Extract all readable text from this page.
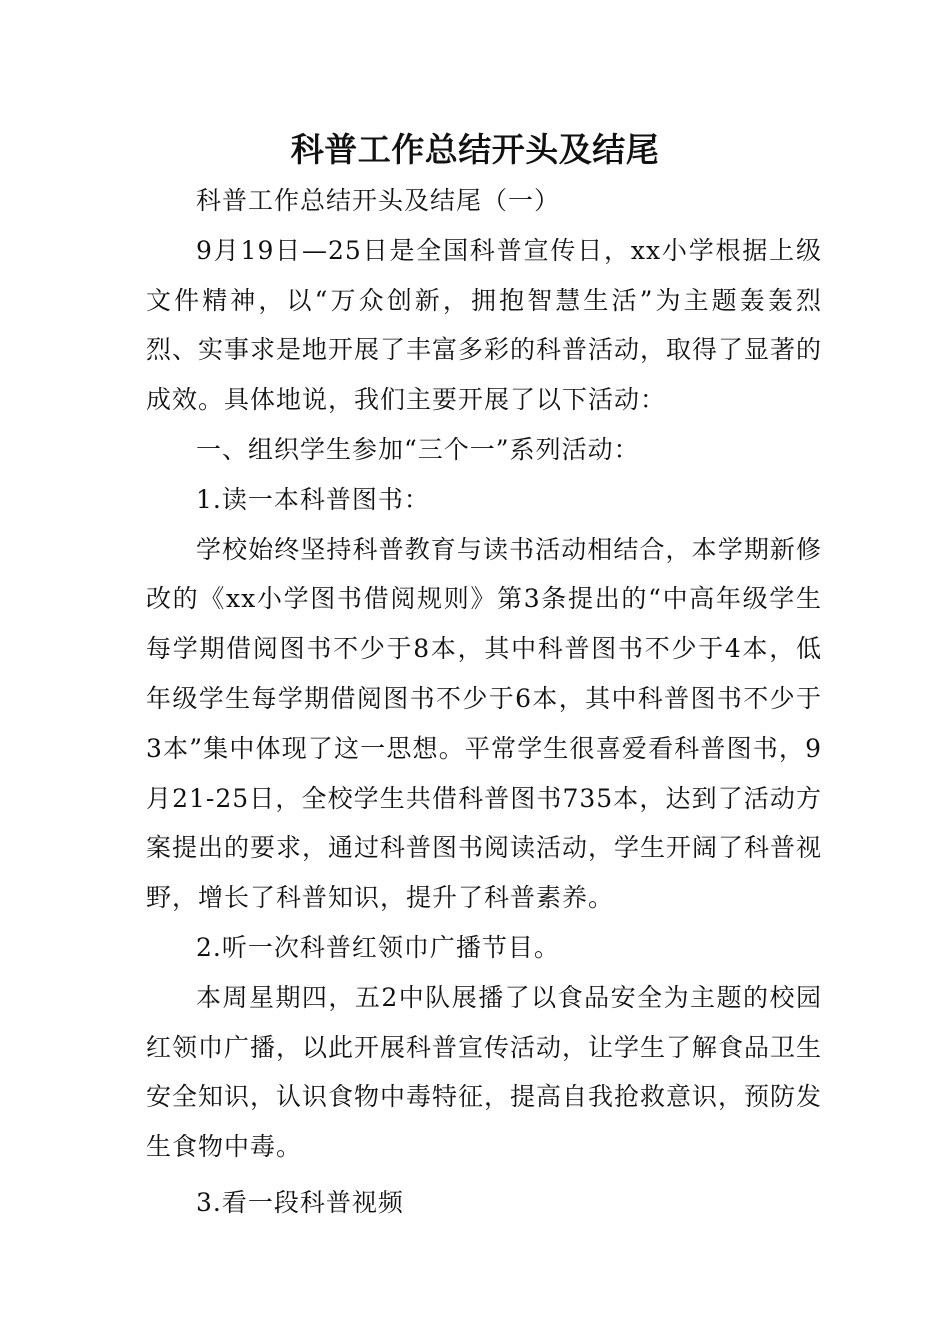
科普工作总结开头及结尾

科普工作总结开头及结尾（一）

9月19日—25日是全国科普宣传日，xx小学根据上级文件精神，以“万众创新，拥抱智慧生活”为主题轰轰烈烈、实事求是地开展了丰富多彩的科普活动，取得了显著的成效。具体地说，我们主要开展了以下活动：

一、组织学生参加“三个一”系列活动：

1.读一本科普图书：

学校始终坚持科普教育与读书活动相结合，本学期新修改的《xx小学图书借阅规则》第3条提出的“中高年级学生每学期借阅图书不少于8本，其中科普图书不少于4本，低年级学生每学期借阅图书不少于6本，其中科普图书不少于3本”集中体现了这一思想。平常学生很喜爱看科普图书，9月21-25日，全校学生共借科普图书735本，达到了活动方案提出的要求，通过科普图书阅读活动，学生开阔了科普视野，增长了科普知识，提升了科普素养。

2.听一次科普红领巾广播节目。

本周星期四，五2中队展播了以食品安全为主题的校园红领巾广播，以此开展科普宣传活动，让学生了解食品卫生安全知识，认识食物中毒特征，提高自我抢救意识，预防发生食物中毒。

3.看一段科普视频
